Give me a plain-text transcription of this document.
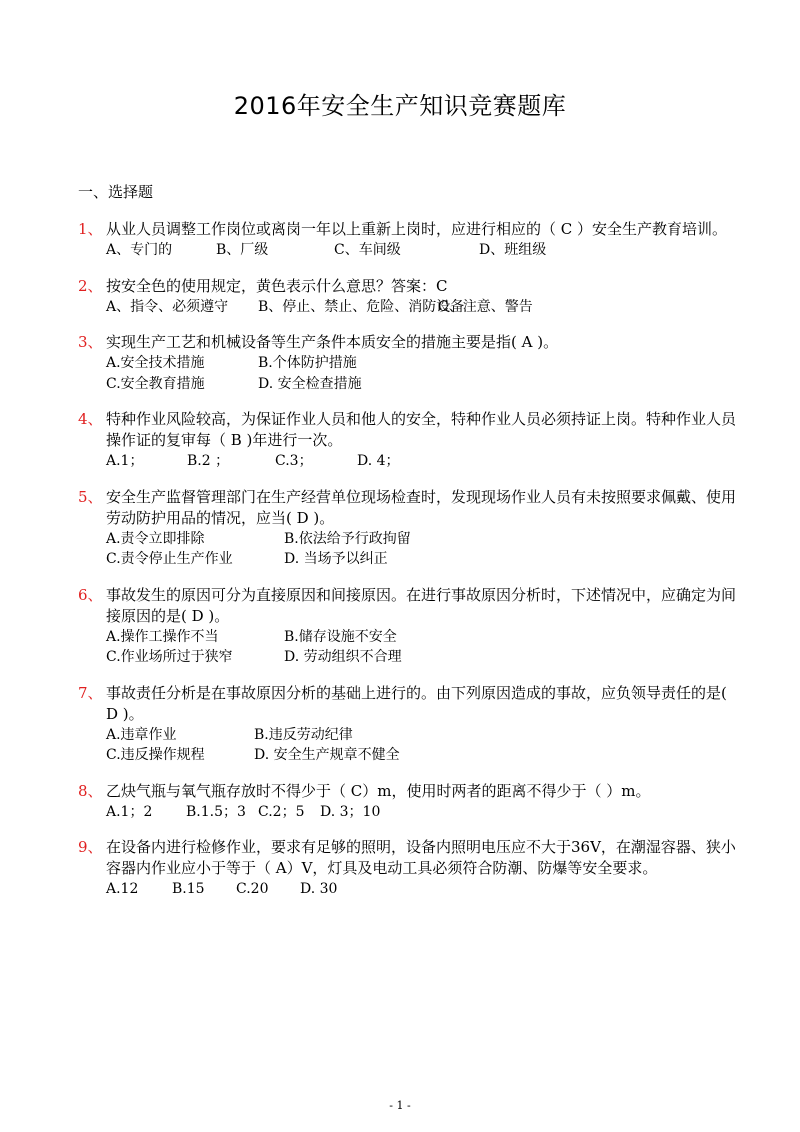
2016年安全生产知识竞赛题库
一、选择题
1、 从业人员调整工作岗位或离岗一年以上重新上岗时，应进行相应的（ C ）安全生产教育培训。
A、专门的	B、厂级	C、车间级	D、班组级
2、 按安全色的使用规定，黄色表示什么意思？答案：C
A、指令、必须遵守	B、停止、禁止、危险、消防设备
C、注意、警告
3、 实现生产工艺和机械设备等生产条件本质安全的措施主要是指( A )。
A.安全技术措施	B.个体防护措施
C.安全教育措施	D. 安全检查措施
4、 特种作业风险较高，为保证作业人员和他人的安全，特种作业人员必须持证上岗。特种作业人员操作证的复审每（ B )年进行一次。
A.1；	B.2 ；	C.3；	D. 4；
5、 安全生产监督管理部门在生产经营单位现场检查时，发现现场作业人员有未按照要求佩戴、使用劳动防护用品的情况，应当( D )。
A.责令立即排除	B.依法给予行政拘留
C.责令停止生产作业	D. 当场予以纠正
6、 事故发生的原因可分为直接原因和间接原因。在进行事故原因分析时，下述情况中，应确定为间接原因的是( D )。
A.操作工操作不当	B.储存设施不安全
C.作业场所过于狭窄	D. 劳动组织不合理
7、 事故责任分析是在事故原因分析的基础上进行的。由下列原因造成的事故，应负领导责任的是( D )。
A.违章作业	B.违反劳动纪律
C.违反操作规程	D. 安全生产规章不健全
8、 乙炔气瓶与氧气瓶存放时不得少于（ C）m，使用时两者的距离不得少于（ ）m。
A.1；2	B.1.5；3 C.2；5	D. 3；10
9、 在设备内进行检修作业，要求有足够的照明，设备内照明电压应不大于36V，在潮湿容器、狭小容器内作业应小于等于（ A）V，灯具及电动工具必须符合防潮、防爆等安全要求。
A.12	B.15	C.20	D. 30
- 1 -
